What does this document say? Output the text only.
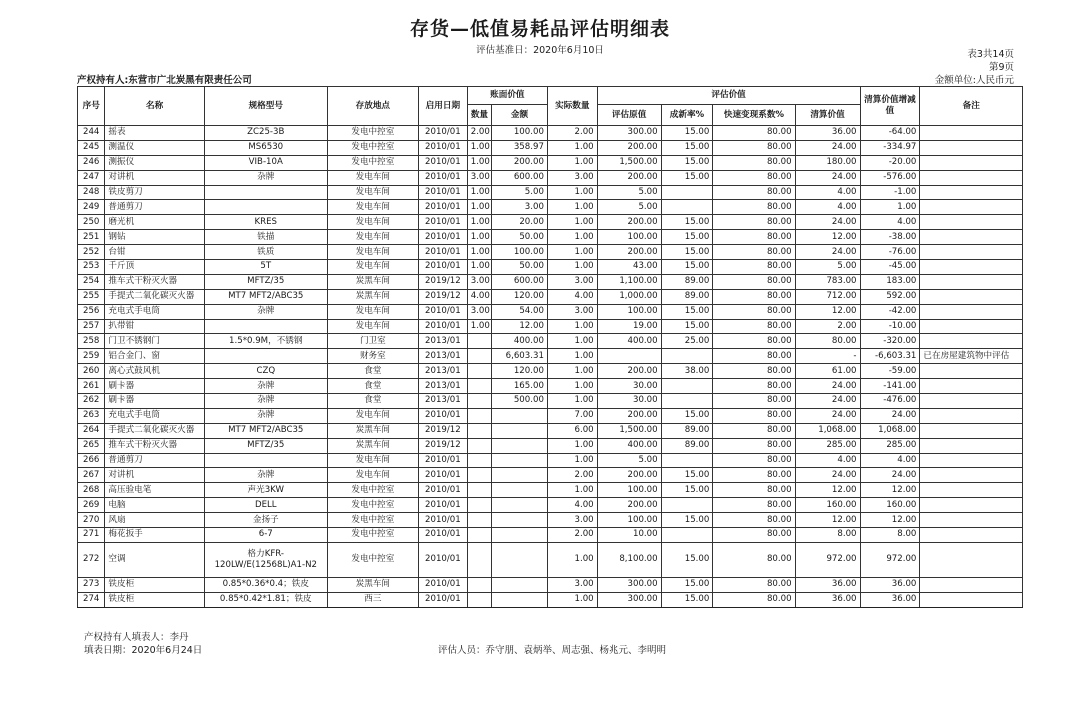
存货—低值易耗品评估明细表
评估基准日：2020年6月10日	表3共14页
第9页
金额单位:人民币元
产权持有人:东营市广北炭黑有限责任公司
序号	名称	规格型号	存放地点	启用日期	账面价值		实际数量	评估价值				清算价值增减值	备注
					数量	金额		评估原值	成新率%	快速变现系数%	清算价值		
244	摇表	ZC25-3B	发电中控室	2010/01	2.00	100.00	2.00	300.00	15.00	80.00	36.00	-64.00	
245	测温仪	MS6530	发电中控室	2010/01	1.00	358.97	1.00	200.00	15.00	80.00	24.00	-334.97	
246	测振仪	VIB-10A	发电中控室	2010/01	1.00	200.00	1.00	1,500.00	15.00	80.00	180.00	-20.00	
247	对讲机	杂牌	发电车间	2010/01	3.00	600.00	3.00	200.00	15.00	80.00	24.00	-576.00	
248	铁皮剪刀		发电车间	2010/01	1.00	5.00	1.00	5.00		80.00	4.00	-1.00	
249	普通剪刀		发电车间	2010/01	1.00	3.00	1.00	5.00		80.00	4.00	1.00	
250	磨光机	KRES	发电车间	2010/01	1.00	20.00	1.00	200.00	15.00	80.00	24.00	4.00	
251	钢钻	铁描	发电车间	2010/01	1.00	50.00	1.00	100.00	15.00	80.00	12.00	-38.00	
252	台钳	铁质	发电车间	2010/01	1.00	100.00	1.00	200.00	15.00	80.00	24.00	-76.00	
253	千斤顶	5T	发电车间	2010/01	1.00	50.00	1.00	43.00	15.00	80.00	5.00	-45.00	
254	推车式干粉灭火器	MFTZ/35	炭黑车间	2019/12	3.00	600.00	3.00	1,100.00	89.00	80.00	783.00	183.00	
255	手提式二氧化碳灭火器	MT7 MFT2/ABC35	炭黑车间	2019/12	4.00	120.00	4.00	1,000.00	89.00	80.00	712.00	592.00	
256	充电式手电筒	杂牌	发电车间	2010/01	3.00	54.00	3.00	100.00	15.00	80.00	12.00	-42.00	
257	扒带钳		发电车间	2010/01	1.00	12.00	1.00	19.00	15.00	80.00	2.00	-10.00	
258	门卫不锈钢门	1.5*0.9M，不锈钢	门卫室	2013/01		400.00	1.00	400.00	25.00	80.00	80.00	-320.00	
259	铝合金门、窗		财务室	2013/01		6,603.31	1.00			80.00	-	-6,603.31	已在房屋建筑物中评估
260	离心式鼓风机	CZQ	食堂	2013/01		120.00	1.00	200.00	38.00	80.00	61.00	-59.00	
261	刷卡器	杂牌	食堂	2013/01		165.00	1.00	30.00		80.00	24.00	-141.00	
262	刷卡器	杂牌	食堂	2013/01		500.00	1.00	30.00		80.00	24.00	-476.00	
263	充电式手电筒	杂牌	发电车间	2010/01			7.00	200.00	15.00	80.00	24.00	24.00	
264	手提式二氧化碳灭火器	MT7 MFT2/ABC35	炭黑车间	2019/12			6.00	1,500.00	89.00	80.00	1,068.00	1,068.00	
265	推车式干粉灭火器	MFTZ/35	炭黑车间	2019/12			1.00	400.00	89.00	80.00	285.00	285.00	
266	普通剪刀		发电车间	2010/01			1.00	5.00		80.00	4.00	4.00	
267	对讲机	杂牌	发电车间	2010/01			2.00	200.00	15.00	80.00	24.00	24.00	
268	高压验电笔	声光3KW	发电中控室	2010/01			1.00	100.00	15.00	80.00	12.00	12.00	
269	电脑	DELL	发电中控室	2010/01			4.00	200.00		80.00	160.00	160.00	
270	风扇	金扬子	发电中控室	2010/01			3.00	100.00	15.00	80.00	12.00	12.00	
271	梅花扳手	6-7	发电中控室	2010/01			2.00	10.00		80.00	8.00	8.00	
272	空调	格力KFR-120LW/E(12568L)A1-N2	发电中控室	2010/01			1.00	8,100.00	15.00	80.00	972.00	972.00	
273	铁皮柜	0.85*0.36*0.4；铁皮	炭黑车间	2010/01			3.00	300.00	15.00	80.00	36.00	36.00	
274	铁皮柜	0.85*0.42*1.81；铁皮	西三	2010/01			1.00	300.00	15.00	80.00	36.00	36.00	
产权持有人填表人：李丹
填表日期：2020年6月24日	评估人员：乔守朋、袁炳举、周志强、杨兆元、李明明
